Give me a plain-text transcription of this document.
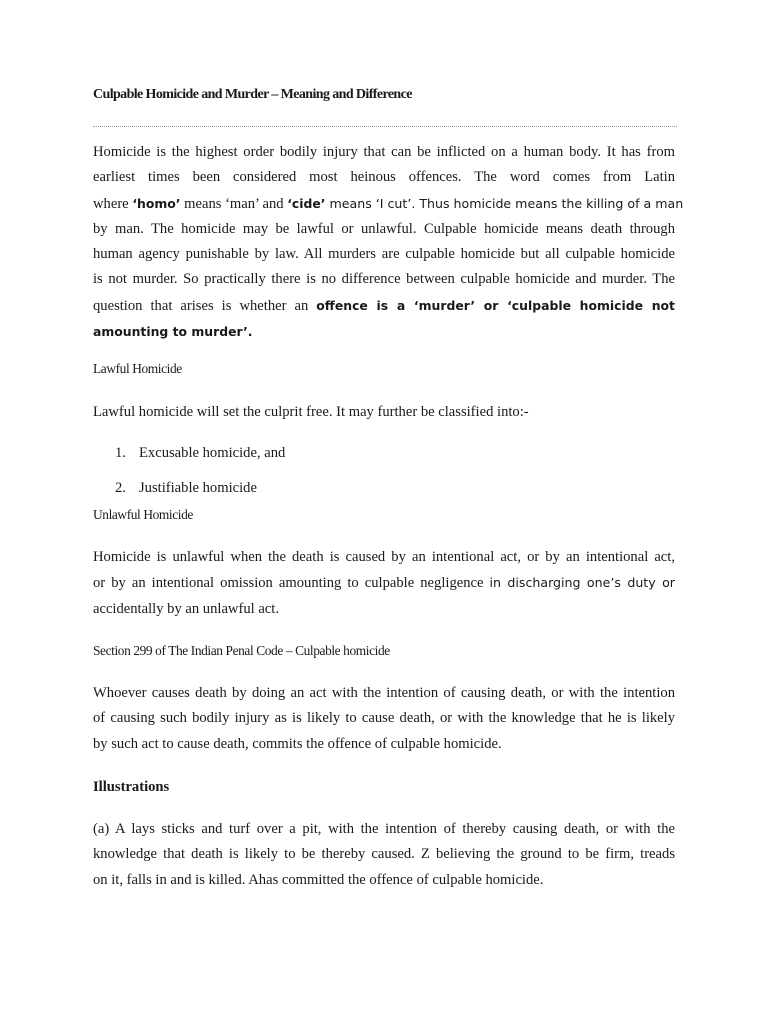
Culpable Homicide and Murder – Meaning and Difference
Homicide is the highest order bodily injury that can be inflicted on a human body. It has from
earliest times been considered most heinous offences. The word comes from Latin
where ‘homo’ means ‘man’ and ‘cide’ means ‘I cut’. Thus homicide means the killing of a man
by man. The homicide may be lawful or unlawful. Culpable homicide means death through
human agency punishable by law. All murders are culpable homicide but all culpable homicide
is not murder. So practically there is no difference between culpable homicide and murder. The
question that arises is whether an offence is a ‘murder’ or ‘culpable homicide not
amounting to murder’.
Lawful Homicide
Lawful homicide will set the culprit free. It may further be classified into:-
1. Excusable homicide, and
2. Justifiable homicide
Unlawful Homicide
Homicide is unlawful when the death is caused by an intentional act, or by an intentional act,
or by an intentional omission amounting to culpable negligence in discharging one’s duty or
accidentally by an unlawful act.
Section 299 of The Indian Penal Code – Culpable homicide
Whoever causes death by doing an act with the intention of causing death, or with the intention
of causing such bodily injury as is likely to cause death, or with the knowledge that he is likely
by such act to cause death, commits the offence of culpable homicide.
Illustrations
(a) A lays sticks and turf over a pit, with the intention of thereby causing death, or with the
knowledge that death is likely to be thereby caused. Z believing the ground to be firm, treads
on it, falls in and is killed. Ahas committed the offence of culpable homicide.
